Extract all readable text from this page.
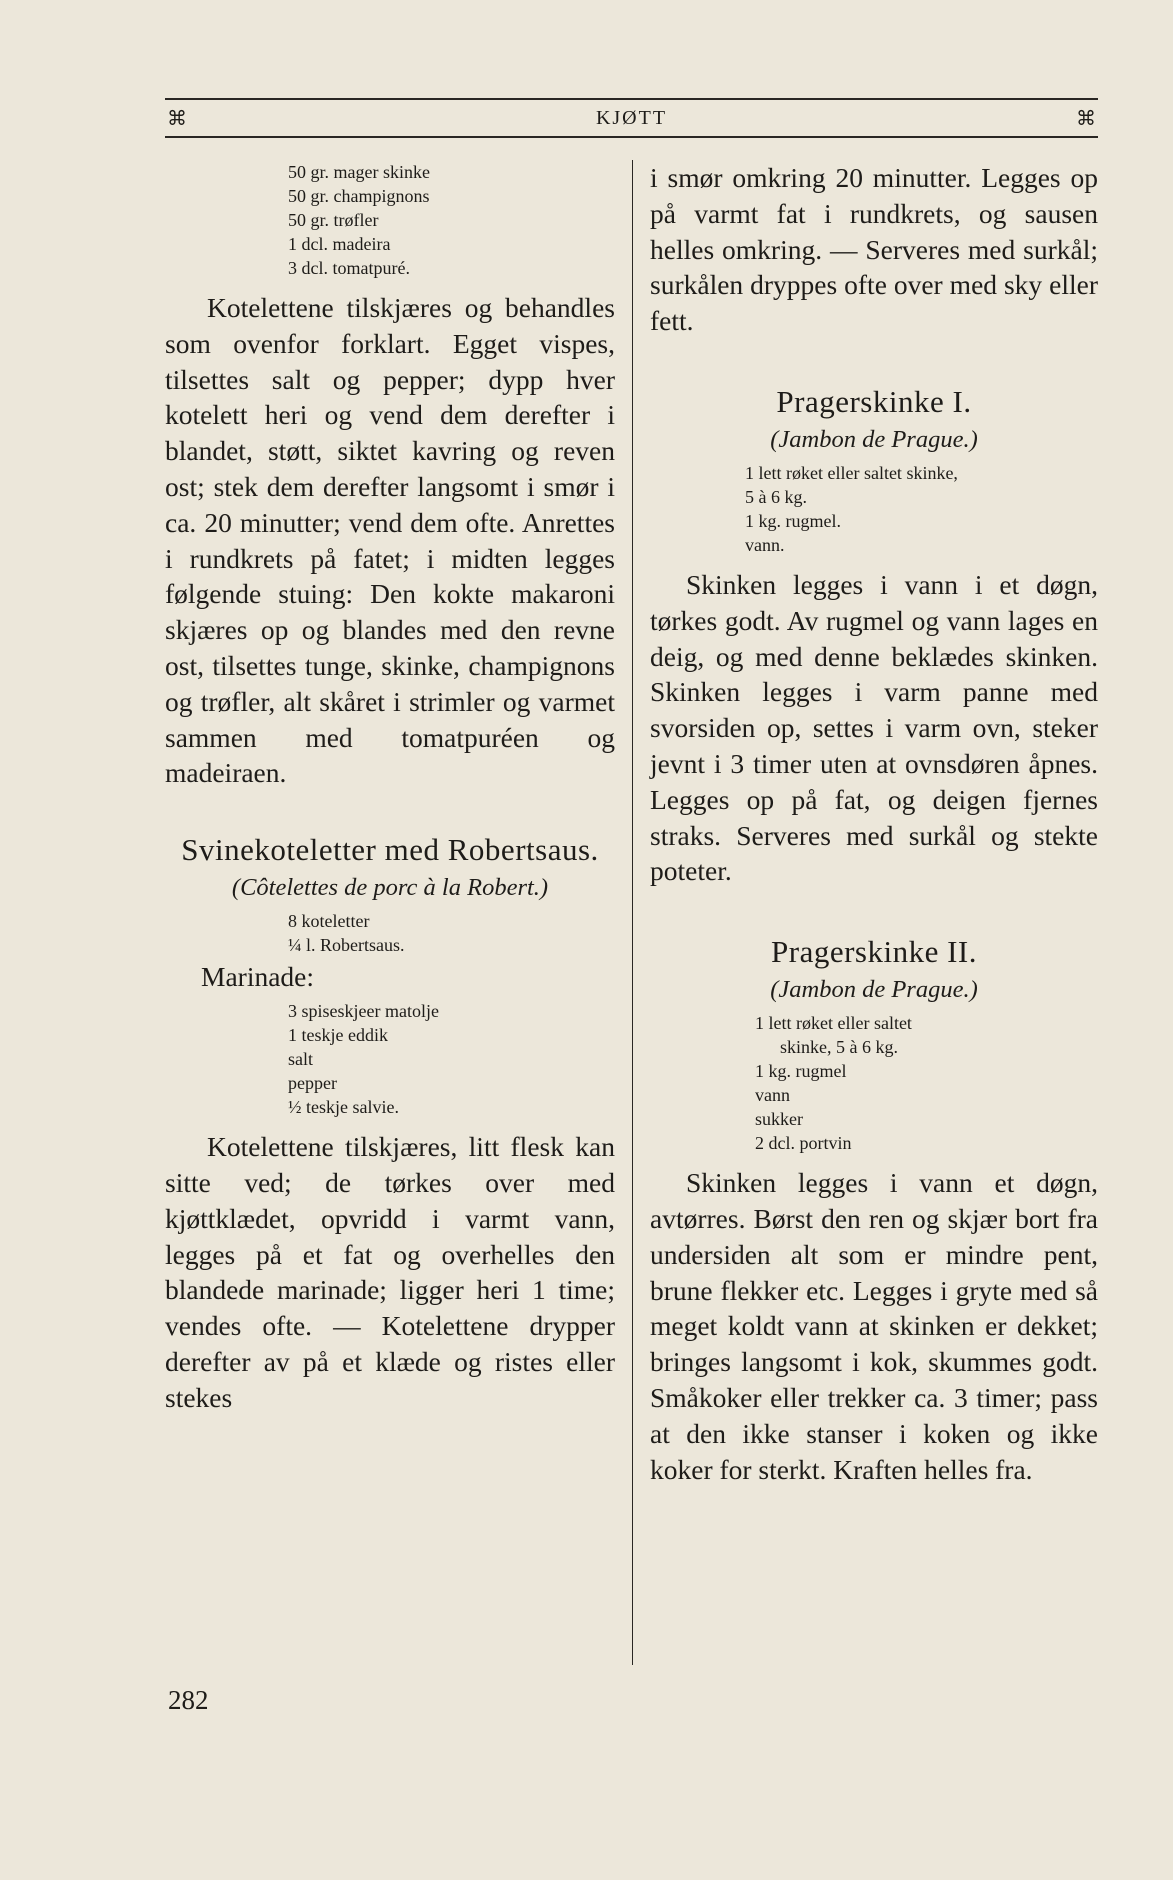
⌘	KJØTT	⌘
50 gr. mager skinke
50 gr. champignons
50 gr. trøfler
1 dcl. madeira
3 dcl. tomatpuré.

Kotelettene tilskjæres og behandles som ovenfor forklart. Egget vispes, tilsettes salt og pepper; dypp hver kotelett heri og vend dem derefter i blandet, støtt, siktet kavring og reven ost; stek dem derefter langsomt i smør i ca. 20 minutter; vend dem ofte. Anrettes i rundkrets på fatet; i midten legges følgende stuing: Den kokte makaroni skjæres op og blandes med den revne ost, tilsettes tunge, skinke, champignons og trøfler, alt skåret i strimler og varmet sammen med tomatpuréen og madeiraen.

Svinekoteletter med Robertsaus.

(Côtelettes de porc à la Robert.)

8 koteletter
¼ l. Robertsaus.

Marinade:

3 spiseskjeer matolje
1 teskje eddik
salt
pepper
½ teskje salvie.

Kotelettene tilskjæres, litt flesk kan sitte ved; de tørkes over med kjøttklædet, opvridd i varmt vann, legges på et fat og overhelles den blandede marinade; ligger heri 1 time; vendes ofte. — Kotelettene drypper derefter av på et klæde og ristes eller stekes

i smør omkring 20 minutter. Legges op på varmt fat i rundkrets, og sausen helles omkring. — Serveres med surkål; surkålen dryppes ofte over med sky eller fett.

Pragerskinke I.

(Jambon de Prague.)

1 lett røket eller saltet skinke,
5 à 6 kg.
1 kg. rugmel.
vann.

Skinken legges i vann i et døgn, tørkes godt. Av rugmel og vann lages en deig, og med denne beklædes skinken. Skinken legges i varm panne med svorsiden op, settes i varm ovn, steker jevnt i 3 timer uten at ovnsdøren åpnes. Legges op på fat, og deigen fjernes straks. Serveres med surkål og stekte poteter.

Pragerskinke II.

(Jambon de Prague.)

1 lett røket eller saltet
skinke, 5 à 6 kg.
1 kg. rugmel
vann
sukker
2 dcl. portvin

Skinken legges i vann et døgn, avtørres. Børst den ren og skjær bort fra undersiden alt som er mindre pent, brune flekker etc. Legges i gryte med så meget koldt vann at skinken er dekket; bringes langsomt i kok, skummes godt. Småkoker eller trekker ca. 3 timer; pass at den ikke stanser i koken og ikke koker for sterkt. Kraften helles fra.

282
